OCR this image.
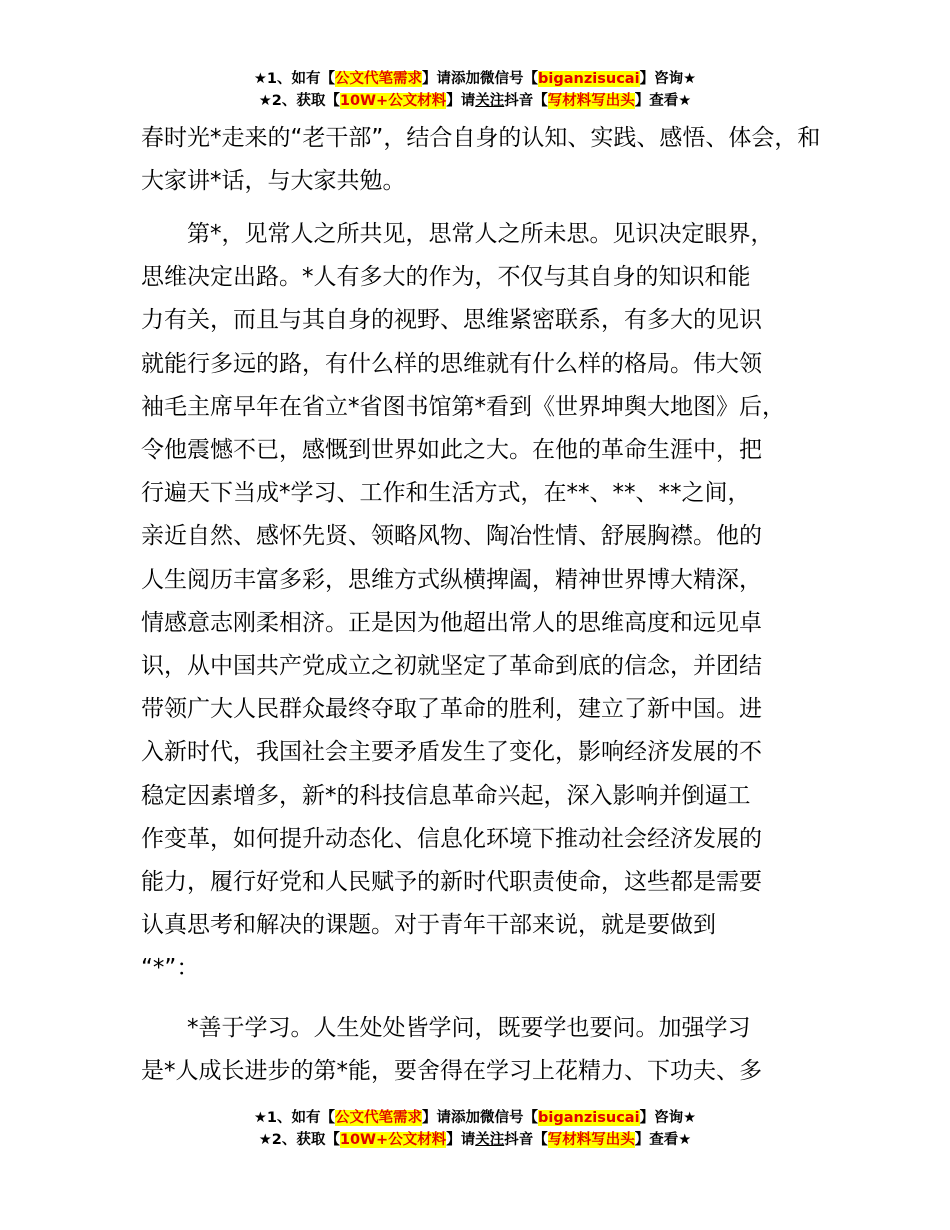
★1、如有【公文代笔需求】请添加微信号【biganzisucai】咨询★
★2、获取【10W+公文材料】请关注抖音【写材料写出头】查看★

春时光*走来的“老干部”，结合自身的认知、实践、感悟、体会，和大家讲*话，与大家共勉。

第*，见常人之所共见，思常人之所未思。见识决定眼界，
思维决定出路。*人有多大的作为，不仅与其自身的知识和能
力有关，而且与其自身的视野、思维紧密联系，有多大的见识
就能行多远的路，有什么样的思维就有什么样的格局。伟大领
袖毛主席早年在省立*省图书馆第*看到《世界坤舆大地图》后，
令他震憾不已，感慨到世界如此之大。在他的革命生涯中，把
行遍天下当成*学习、工作和生活方式，在**、**、**之间，
亲近自然、感怀先贤、领略风物、陶冶性情、舒展胸襟。他的
人生阅历丰富多彩，思维方式纵横捭阖，精神世界博大精深，
情感意志刚柔相济。正是因为他超出常人的思维高度和远见卓
识，从中国共产党成立之初就坚定了革命到底的信念，并团结
带领广大人民群众最终夺取了革命的胜利，建立了新中国。进
入新时代，我国社会主要矛盾发生了变化，影响经济发展的不
稳定因素增多，新*的科技信息革命兴起，深入影响并倒逼工
作变革，如何提升动态化、信息化环境下推动社会经济发展的
能力，履行好党和人民赋予的新时代职责使命，这些都是需要
认真思考和解决的课题。对于青年干部来说，就是要做到
“*”：
*善于学习。人生处处皆学问，既要学也要问。加强学习
是*人成长进步的第*能，要舍得在学习上花精力、下功夫、多
★1、如有【公文代笔需求】请添加微信号【biganzisucai】咨询★
★2、获取【10W+公文材料】请关注抖音【写材料写出头】查看★
